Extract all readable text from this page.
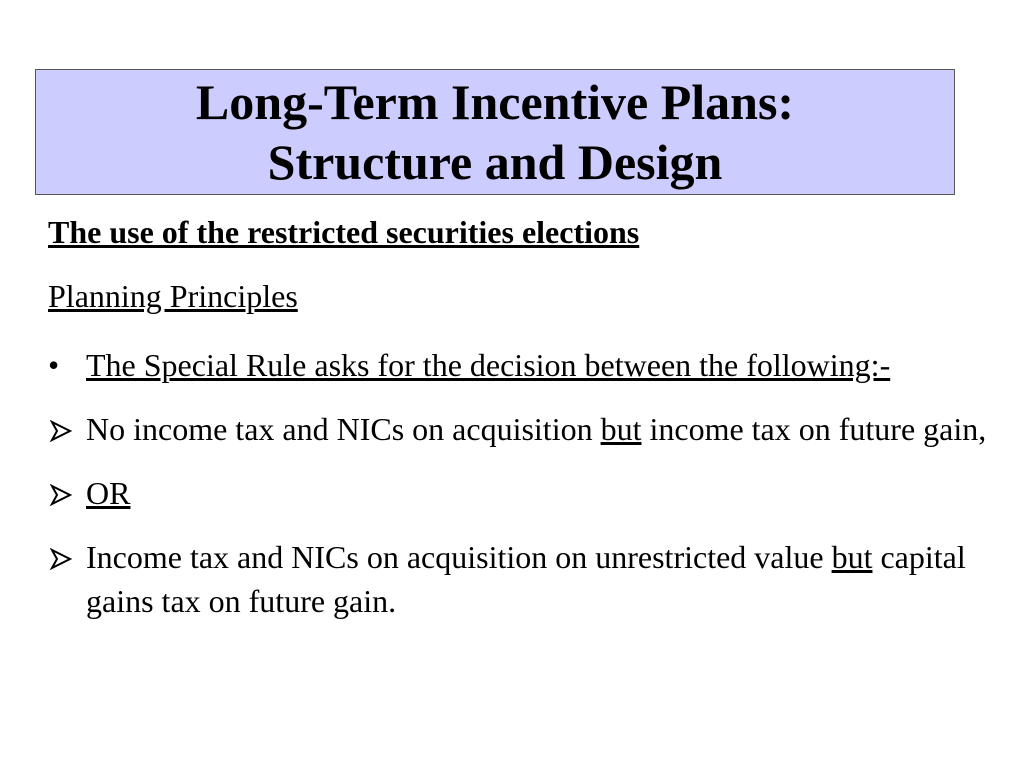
Long-Term Incentive Plans:
Structure and Design
The use of the restricted securities elections
Planning Principles
• The Special Rule asks for the decision between the following:-
No income tax and NICs on acquisition but income tax on future gain,
OR
Income tax and NICs on acquisition on unrestricted value but capital gains tax on future gain.
